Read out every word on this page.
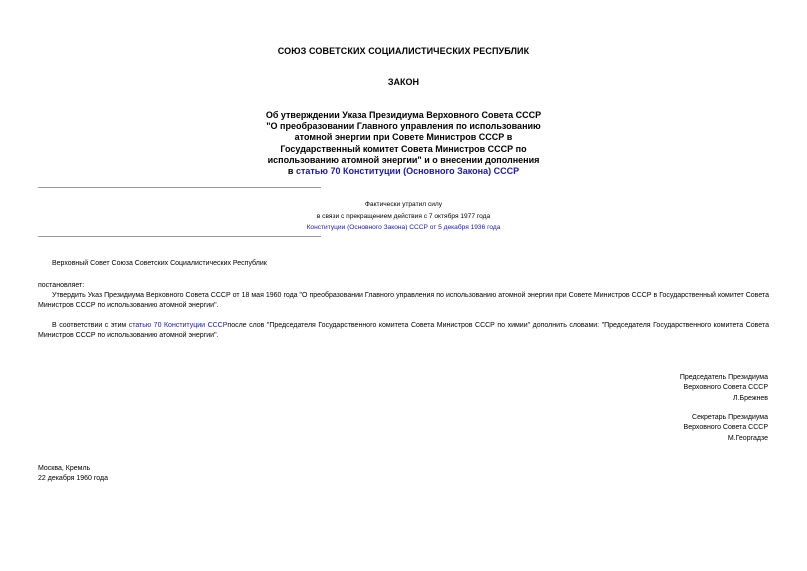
СОЮЗ СОВЕТСКИХ СОЦИАЛИСТИЧЕСКИХ РЕСПУБЛИК
ЗАКОН
Об утверждении Указа Президиума Верховного Совета СССР
"О преобразовании Главного управления по использованию
атомной энергии при Совете Министров СССР в
Государственный комитет Совета Министров СССР по
использованию атомной энергии" и о внесении дополнения
в статью 70 Конституции (Основного Закона) СССР
Фактически утратил силу
в связи с прекращением действия с 7 октября 1977 года
Конституции (Основного Закона) СССР от 5 декабря 1936 года
Верховный Совет Союза Советских Социалистических Республик
постановляет:
Утвердить Указ Президиума Верховного Совета СССР от 18 мая 1960 года "О преобразовании Главного управления по использованию атомной энергии при Совете Министров СССР в Государственный комитет Совета Министров СССР по использованию атомной энергии".
В соответствии с этим статью 70 Конституции СССРпосле слов "Председателя Государственного комитета Совета Министров СССР по химии" дополнить словами: "Председателя Государственного комитета Совета Министров СССР по использованию атомной энергии".
Председатель Президиума
Верховного Совета СССР
Л.Брежнев
Секретарь Президиума
Верховного Совета СССР
М.Георгадзе
Москва, Кремль
22 декабря 1960 года
